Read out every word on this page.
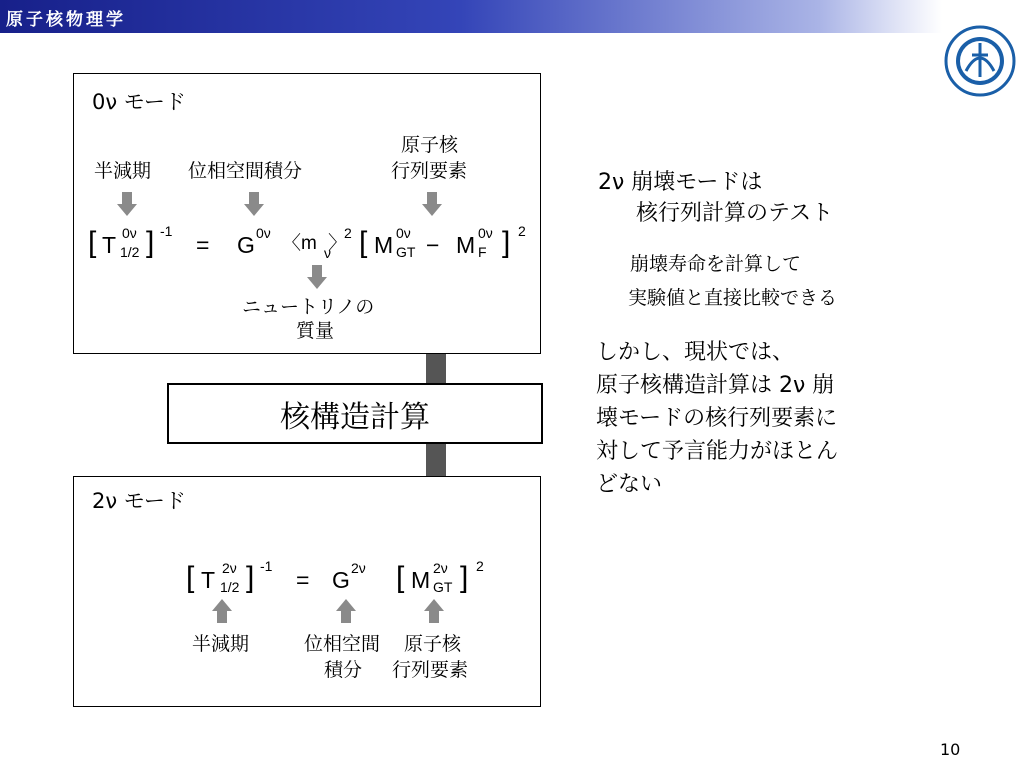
原子核物理学
0ν モード
半減期 位相空間積分
原子核
行列要素
[ T 0ν
1/2 ] -1
= G 0ν 〈m ν
〉
2 [ M 0ν
GT − M 0ν
F ] 2
ニュートリノの
質量
核構造計算
2ν モード
[ T 2ν
1/2 ] -1
= G 2ν [ M 2ν
GT ] 2
半減期	位相空間
積分
原子核
行列要素
2ν 崩壊モードは
核行列計算のテスト
崩壊寿命を計算して
実験値と直接比較できる
しかし、現状では、
原子核構造計算は 2ν 崩
壊モードの核行列要素に
対して予言能力がほとん
どない
10
